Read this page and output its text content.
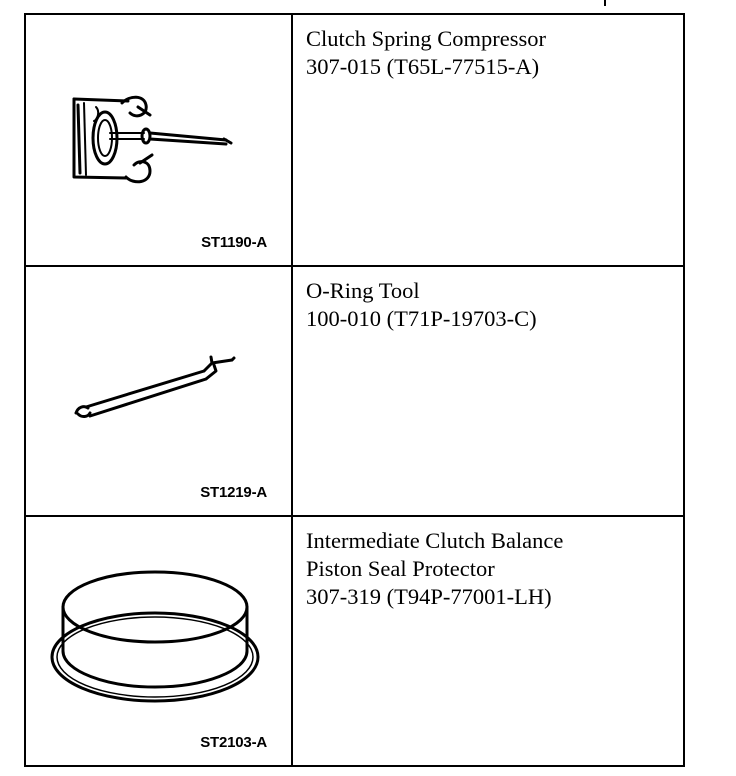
ST1190-A	Clutch Spring Compressor
307-015 (T65L-77515-A)

ST1219-A	O-Ring Tool
100-010 (T71P-19703-C)

ST2103-A	Intermediate Clutch Balance
Piston Seal Protector
307-319 (T94P-77001-LH)
